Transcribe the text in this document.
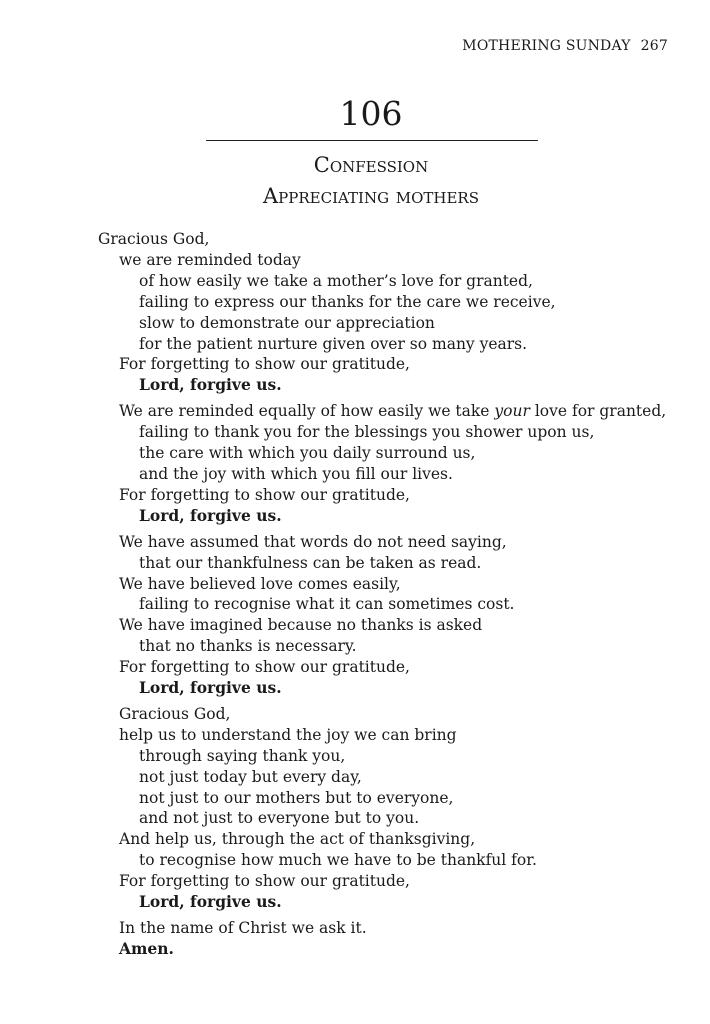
MOTHERING SUNDAY 267
106
Confession
Appreciating mothers
Gracious God,
we are reminded today
of how easily we take a mother’s love for granted,
failing to express our thanks for the care we receive,
slow to demonstrate our appreciation
for the patient nurture given over so many years.
For forgetting to show our gratitude,
Lord, forgive us.
We are reminded equally of how easily we take your love for granted,
failing to thank you for the blessings you shower upon us,
the care with which you daily surround us,
and the joy with which you fill our lives.
For forgetting to show our gratitude,
Lord, forgive us.
We have assumed that words do not need saying,
that our thankfulness can be taken as read.
We have believed love comes easily,
failing to recognise what it can sometimes cost.
We have imagined because no thanks is asked
that no thanks is necessary.
For forgetting to show our gratitude,
Lord, forgive us.
Gracious God,
help us to understand the joy we can bring
through saying thank you,
not just today but every day,
not just to our mothers but to everyone,
and not just to everyone but to you.
And help us, through the act of thanksgiving,
to recognise how much we have to be thankful for.
For forgetting to show our gratitude,
Lord, forgive us.
In the name of Christ we ask it.
Amen.
